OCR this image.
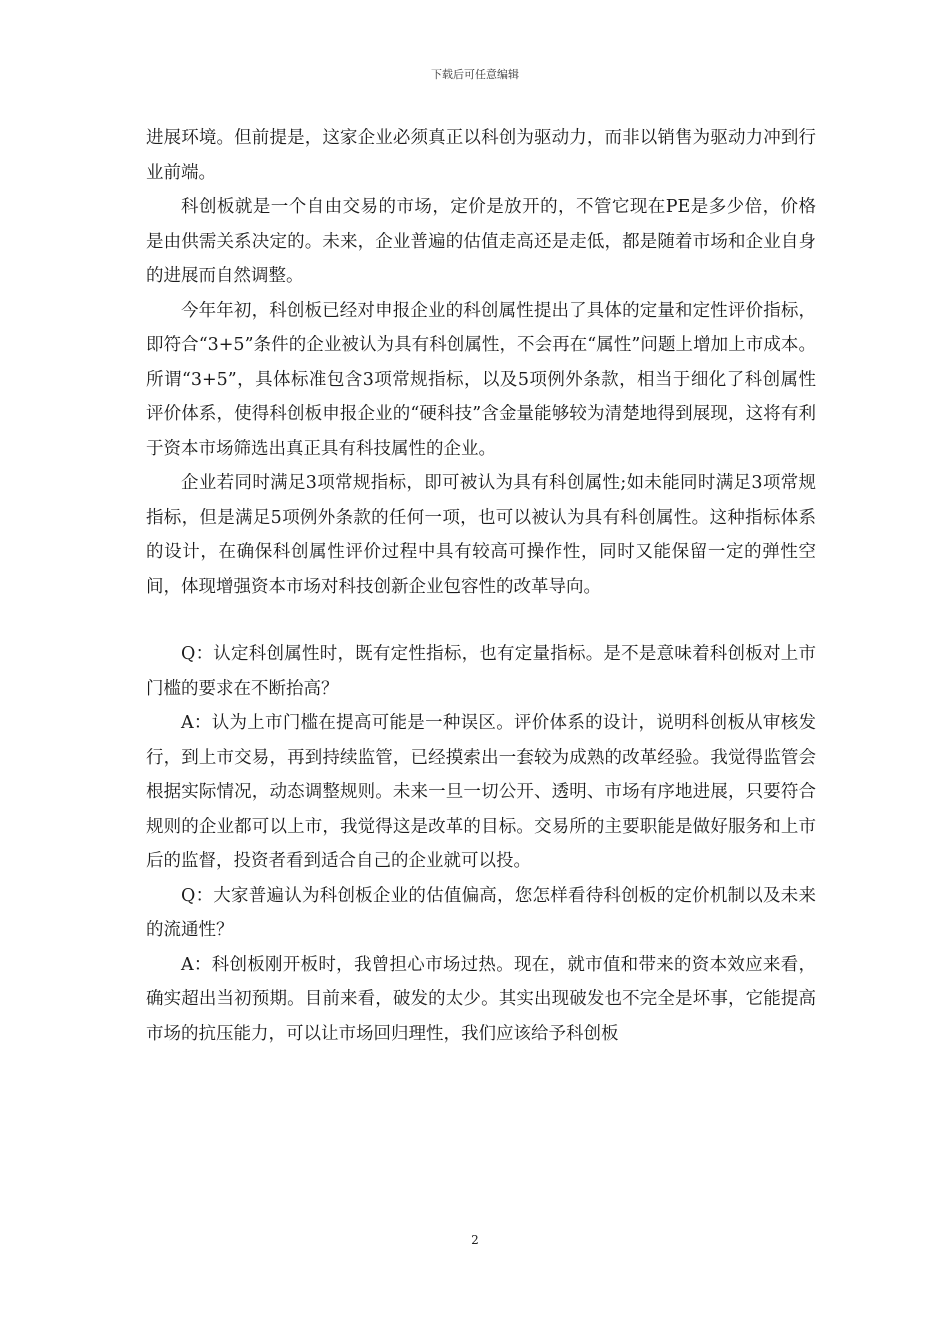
下载后可任意编辑

进展环境。但前提是，这家企业必须真正以科创为驱动力，而非以销售为驱动力冲到行业前端。

科创板就是一个自由交易的市场，定价是放开的，不管它现在PE是多少倍，价格是由供需关系决定的。未来，企业普遍的估值走高还是走低，都是随着市场和企业自身的进展而自然调整。

今年年初，科创板已经对申报企业的科创属性提出了具体的定量和定性评价指标，即符合“3+5”条件的企业被认为具有科创属性，不会再在“属性”问题上增加上市成本。所谓“3+5”，具体标准包含3项常规指标，以及5项例外条款，相当于细化了科创属性评价体系，使得科创板申报企业的“硬科技”含金量能够较为清楚地得到展现，这将有利于资本市场筛选出真正具有科技属性的企业。

企业若同时满足3项常规指标，即可被认为具有科创属性;如未能同时满足3项常规指标，但是满足5项例外条款的任何一项，也可以被认为具有科创属性。这种指标体系的设计，在确保科创属性评价过程中具有较高可操作性，同时又能保留一定的弹性空间，体现增强资本市场对科技创新企业包容性的改革导向。

Q：认定科创属性时，既有定性指标，也有定量指标。是不是意味着科创板对上市门槛的要求在不断抬高？

A：认为上市门槛在提高可能是一种误区。评价体系的设计，说明科创板从审核发行，到上市交易，再到持续监管，已经摸索出一套较为成熟的改革经验。我觉得监管会根据实际情况，动态调整规则。未来一旦一切公开、透明、市场有序地进展，只要符合规则的企业都可以上市，我觉得这是改革的目标。交易所的主要职能是做好服务和上市后的监督，投资者看到适合自己的企业就可以投。

Q：大家普遍认为科创板企业的估值偏高，您怎样看待科创板的定价机制以及未来的流通性？

A：科创板刚开板时，我曾担心市场过热。现在，就市值和带来的资本效应来看，确实超出当初预期。目前来看，破发的太少。其实出现破发也不完全是坏事，它能提高市场的抗压能力，可以让市场回归理性，我们应该给予科创板

2
